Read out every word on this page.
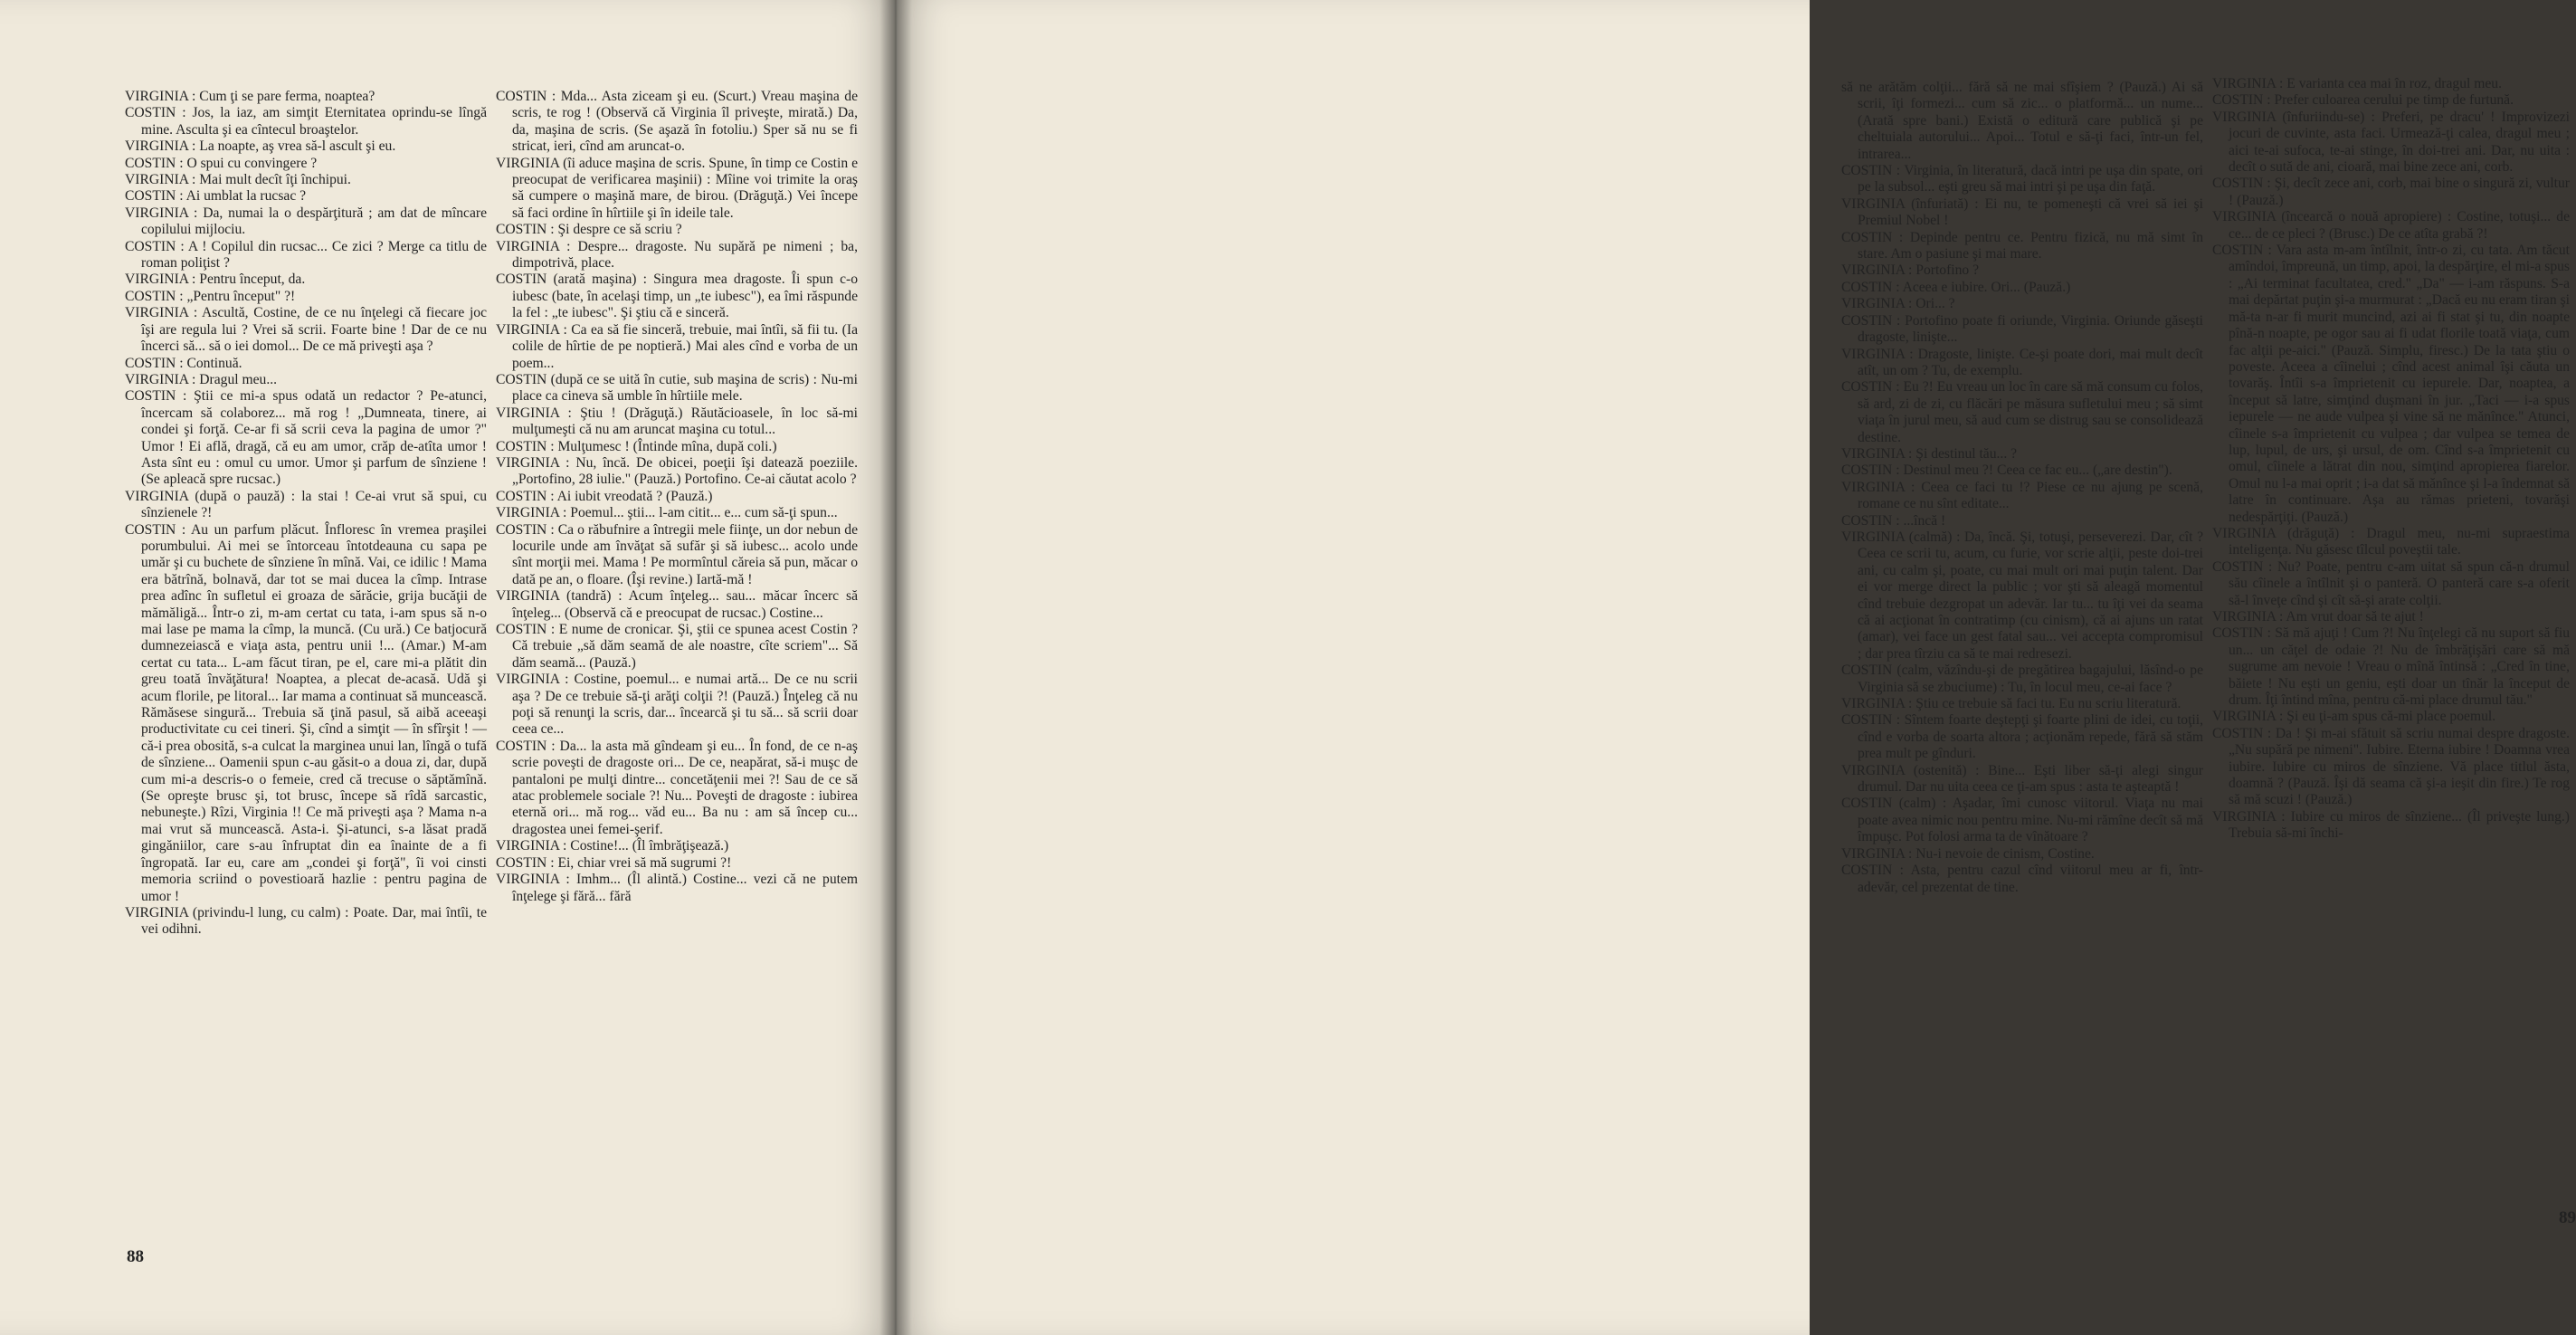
VIRGINIA : Cum ţi se pare ferma, noaptea?

COSTIN : Jos, la iaz, am simţit Eternitatea oprindu-se lîngă mine. Asculta şi ea cîntecul broaştelor.

VIRGINIA : La noapte, aş vrea să-l ascult şi eu.

COSTIN : O spui cu convingere ?

VIRGINIA : Mai mult decît îţi închipui.

COSTIN : Ai umblat la rucsac ?

VIRGINIA : Da, numai la o despărţitură ; am dat de mîncare copilului mijlociu.

COSTIN : A ! Copilul din rucsac... Ce zici ? Merge ca titlu de roman poliţist ?

VIRGINIA : Pentru început, da.

COSTIN : „Pentru început" ?!

VIRGINIA : Ascultă, Costine, de ce nu înţelegi că fiecare joc îşi are regula lui ? Vrei să scrii. Foarte bine ! Dar de ce nu încerci să... să o iei domol... De ce mă priveşti aşa ?

COSTIN : Continuă.

VIRGINIA : Dragul meu...

COSTIN : Ştii ce mi-a spus odată un redactor ? Pe-atunci, încercam să colaborez... mă rog ! „Dumneata, tinere, ai condei şi forţă. Ce-ar fi să scrii ceva la pagina de umor ?" Umor ! Ei află, dragă, că eu am umor, crăp de-atîta umor ! Asta sînt eu : omul cu umor. Umor şi parfum de sînziene ! (Se apleacă spre rucsac.)

VIRGINIA (după o pauză) : la stai ! Ce-ai vrut să spui, cu sînzienele ?!

COSTIN : Au un parfum plăcut. Înfloresc în vremea praşilei porumbului. Ai mei se întorceau întotdeauna cu sapa pe umăr şi cu buchete de sînziene în mînă. Vai, ce idilic ! Mama era bătrînă, bolnavă, dar tot se mai ducea la cîmp. Intrase prea adînc în sufletul ei groaza de sărăcie, grija bucăţii de mămăligă... Într-o zi, m-am certat cu tata, i-am spus să n-o mai lase pe mama la cîmp, la muncă. (Cu ură.) Ce batjocură dumnezeiască e viaţa asta, pentru unii !... (Amar.) M-am certat cu tata... L-am făcut tiran, pe el, care mi-a plătit din greu toată învăţătura! Noaptea, a plecat de-acasă. Udă şi acum florile, pe litoral... Iar mama a continuat să muncească. Rămăsese singură... Trebuia să ţină pasul, să aibă aceeaşi productivitate cu cei tineri. Şi, cînd a simţit — în sfîrşit ! — că-i prea obosită, s-a culcat la marginea unui lan, lîngă o tufă de sînziene... Oamenii spun c-au găsit-o a doua zi, dar, după cum mi-a descris-o o femeie, cred că trecuse o săptămînă. (Se opreşte brusc şi, tot brusc, începe să rîdă sarcastic, nebuneşte.) Rîzi, Virginia !! Ce mă priveşti aşa ? Mama n-a mai vrut să muncească. Asta-i. Şi-atunci, s-a lăsat pradă gingăniilor, care s-au înfruptat din ea înainte de a fi îngropată. Iar eu, care am „condei şi forţă", îi voi cinsti memoria scriind o povestioară hazlie : pentru pagina de umor !

VIRGINIA (privindu-l lung, cu calm) : Poate. Dar, mai întîi, te vei odihni.

COSTIN : Mda... Asta ziceam şi eu. (Scurt.) Vreau maşina de scris, te rog ! (Observă că Virginia îl priveşte, mirată.) Da, da, maşina de scris. (Se aşază în fotoliu.) Sper să nu se fi stricat, ieri, cînd am aruncat-o.

VIRGINIA (îi aduce maşina de scris. Spune, în timp ce Costin e preocupat de verificarea maşinii) : Mîine voi trimite la oraş să cumpere o maşină mare, de birou. (Drăguţă.) Vei începe să faci ordine în hîrtiile şi în ideile tale.

COSTIN : Şi despre ce să scriu ?

VIRGINIA : Despre... dragoste. Nu supără pe nimeni ; ba, dimpotrivă, place.

COSTIN (arată maşina) : Singura mea dragoste. Îi spun c-o iubesc (bate, în acelaşi timp, un „te iubesc"), ea îmi răspunde la fel : „te iubesc". Şi ştiu că e sinceră.

VIRGINIA : Ca ea să fie sinceră, trebuie, mai întîi, să fii tu. (Ia colile de hîrtie de pe noptieră.) Mai ales cînd e vorba de un poem...

COSTIN (după ce se uită în cutie, sub maşina de scris) : Nu-mi place ca cineva să umble în hîrtiile mele.

VIRGINIA : Ştiu ! (Drăguţă.) Răutăcioasele, în loc să-mi mulţumeşti că nu am aruncat maşina cu totul...

COSTIN : Mulţumesc ! (Întinde mîna, după coli.)

VIRGINIA : Nu, încă. De obicei, poeţii îşi datează poeziile. „Portofino, 28 iulie." (Pauză.) Portofino. Ce-ai căutat acolo ?

COSTIN : Ai iubit vreodată ? (Pauză.)

VIRGINIA : Poemul... ştii... l-am citit... e... cum să-ţi spun...

COSTIN : Ca o răbufnire a întregii mele fiinţe, un dor nebun de locurile unde am învăţat să sufăr şi să iubesc... acolo unde sînt morţii mei. Mama ! Pe mormîntul căreia să pun, măcar o dată pe an, o floare. (Îşi revine.) Iartă-mă !

VIRGINIA (tandră) : Acum înţeleg... sau... măcar încerc să înţeleg... (Observă că e preocupat de rucsac.) Costine...

COSTIN : E nume de cronicar. Şi, ştii ce spunea acest Costin ? Că trebuie „să dăm seamă de ale noastre, cîte scriem"... Să dăm seamă... (Pauză.)

VIRGINIA : Costine, poemul... e numai artă... De ce nu scrii aşa ? De ce trebuie să-ţi arăţi colţii ?! (Pauză.) Înţeleg că nu poţi să renunţi la scris, dar... încearcă şi tu să... să scrii doar ceea ce...

COSTIN : Da... la asta mă gîndeam şi eu... În fond, de ce n-aş scrie poveşti de dragoste ori... De ce, neapărat, să-i muşc de pantaloni pe mulţi dintre... concetăţenii mei ?! Sau de ce să atac problemele sociale ?! Nu... Poveşti de dragoste : iubirea eternă ori... mă rog... văd eu... Ba nu : am să încep cu... dragostea unei femei-şerif.

VIRGINIA : Costine!... (Îl îmbrăţişează.)

COSTIN : Ei, chiar vrei să mă sugrumi ?!

VIRGINIA : Imhm... (Îl alintă.) Costine... vezi că ne putem înţelege şi fără... fără

88

să ne arătăm colţii... fără să ne mai sfîşiem ? (Pauză.) Ai să scrii, îţi formezi... cum să zic... o platformă... un nume... (Arată spre bani.) Există o editură care publică şi pe cheltuiala autorului... Apoi... Totul e să-ţi faci, într-un fel, intrarea...

COSTIN : Virginia, în literatură, dacă intri pe uşa din spate, ori pe la subsol... eşti greu să mai intri şi pe uşa din faţă.

VIRGINIA (înfuriată) : Ei nu, te pomeneşti că vrei să iei şi Premiul Nobel !

COSTIN : Depinde pentru ce. Pentru fizică, nu mă simt în stare. Am o pasiune şi mai mare.

VIRGINIA : Portofino ?

COSTIN : Aceea e iubire. Ori... (Pauză.)

VIRGINIA : Ori... ?

COSTIN : Portofino poate fi oriunde, Virginia. Oriunde găseşti dragoste, linişte...

VIRGINIA : Dragoste, linişte. Ce-şi poate dori, mai mult decît atît, un om ? Tu, de exemplu.

COSTIN : Eu ?! Eu vreau un loc în care să mă consum cu folos, să ard, zi de zi, cu flăcări pe măsura sufletului meu ; să simt viaţa în jurul meu, să aud cum se distrug sau se consolidează destine.

VIRGINIA : Şi destinul tău... ?

COSTIN : Destinul meu ?! Ceea ce fac eu... („are destin").

VIRGINIA : Ceea ce faci tu !? Piese ce nu ajung pe scenă, romane ce nu sînt editate...

COSTIN : ...încă !

VIRGINIA (calmă) : Da, încă. Şi, totuşi, perseverezi. Dar, cît ? Ceea ce scrii tu, acum, cu furie, vor scrie alţii, peste doi-trei ani, cu calm şi, poate, cu mai mult ori mai puţin talent. Dar ei vor merge direct la public ; vor şti să aleagă momentul cînd trebuie dezgropat un adevăr. Iar tu... tu îţi vei da seama că ai acţionat în contratimp (cu cinism), că ai ajuns un ratat (amar), vei face un gest fatal sau... vei accepta compromisul ; dar prea tîrziu ca să te mai redresezi.

COSTIN (calm, văzîndu-şi de pregătirea bagajului, lăsînd-o pe Virginia să se zbuciume) : Tu, în locul meu, ce-ai face ?

VIRGINIA : Ştiu ce trebuie să faci tu. Eu nu scriu literatură.

COSTIN : Sîntem foarte deştepţi şi foarte plini de idei, cu toţii, cînd e vorba de soarta altora ; acţionăm repede, fără să stăm prea mult pe gînduri.

VIRGINIA (ostenită) : Bine... Eşti liber să-ţi alegi singur drumul. Dar nu uita ceea ce ţi-am spus : asta te aşteaptă !

COSTIN (calm) : Aşadar, îmi cunosc viitorul. Viaţa nu mai poate avea nimic nou pentru mine. Nu-mi rămîne decît să mă împuşc. Pot folosi arma ta de vînătoare ?

VIRGINIA : Nu-i nevoie de cinism, Costine.

COSTIN : Asta, pentru cazul cînd viitorul meu ar fi, într-adevăr, cel prezentat de tine.

VIRGINIA : E varianta cea mai în roz, dragul meu.

COSTIN : Prefer culoarea cerului pe timp de furtună.

VIRGINIA (înfuriindu-se) : Preferi, pe dracu' ! Improvizezi jocuri de cuvinte, asta faci. Urmează-ţi calea, dragul meu ; aici te-ai sufoca, te-ai stinge, în doi-trei ani. Dar, nu uita : decît o sută de ani, cioară, mai bine zece ani, corb.

COSTIN : Şi, decît zece ani, corb, mai bine o singură zi, vultur ! (Pauză.)

VIRGINIA (încearcă o nouă apropiere) : Costine, totuşi... de ce... de ce pleci ? (Brusc.) De ce atîta grabă ?!

COSTIN : Vara asta m-am întîlnit, într-o zi, cu tata. Am tăcut amîndoi, împreună, un timp, apoi, la despărţire, el mi-a spus : „Ai terminat facultatea, cred." „Da" — i-am răspuns. S-a mai depărtat puţin şi-a murmurat : „Dacă eu nu eram tiran şi mă-ta n-ar fi murit muncind, azi ai fi stat şi tu, din noapte pînă-n noapte, pe ogor sau ai fi udat florile toată viaţa, cum fac alţii pe-aici." (Pauză. Simplu, firesc.) De la tata ştiu o poveste. Aceea a cîinelui ; cînd acest animal îşi căuta un tovarăş. Întîi s-a împrietenit cu iepurele. Dar, noaptea, a început să latre, simţind duşmani în jur. „Taci — i-a spus iepurele — ne aude vulpea şi vine să ne mănînce." Atunci, cîinele s-a împrietenit cu vulpea ; dar vulpea se temea de lup, lupul, de urs, şi ursul, de om. Cînd s-a împrietenit cu omul, cîinele a lătrat din nou, simţind apropierea fiarelor. Omul nu l-a mai oprit ; i-a dat să mănînce şi l-a îndemnat să latre în continuare. Aşa au rămas prieteni, tovarăşi nedespărţiţi. (Pauză.)

VIRGINIA (drăguţă) : Dragul meu, nu-mi supraestima inteligenţa. Nu găsesc tîlcul poveştii tale.

COSTIN : Nu? Poate, pentru c-am uitat să spun că-n drumul său cîinele a întîlnit şi o panteră. O panteră care s-a oferit să-l înveţe cînd şi cît să-şi arate colţii.

VIRGINIA : Am vrut doar să te ajut !

COSTIN : Să mă ajuţi ! Cum ?! Nu înţelegi că nu suport să fiu un... un căţel de odaie ?! Nu de îmbrăţişări care să mă sugrume am nevoie ! Vreau o mînă întinsă : „Cred în tine, băiete ! Nu eşti un geniu, eşti doar un tînăr la început de drum. Îţi întind mîna, pentru că-mi place drumul tău."

VIRGINIA : Şi eu ţi-am spus că-mi place poemul.

COSTIN : Da ! Şi m-ai sfătuit să scriu numai despre dragoste. „Nu supără pe nimeni". Iubire. Eterna iubire ! Doamna vrea iubire. Iubire cu miros de sînziene. Vă place titlul ăsta, doamnă ? (Pauză. Îşi dă seama că şi-a ieşit din fire.) Te rog să mă scuzi ! (Pauză.)

VIRGINIA : Iubire cu miros de sînziene... (Îl priveşte lung.) Trebuia să-mi închi-

89
